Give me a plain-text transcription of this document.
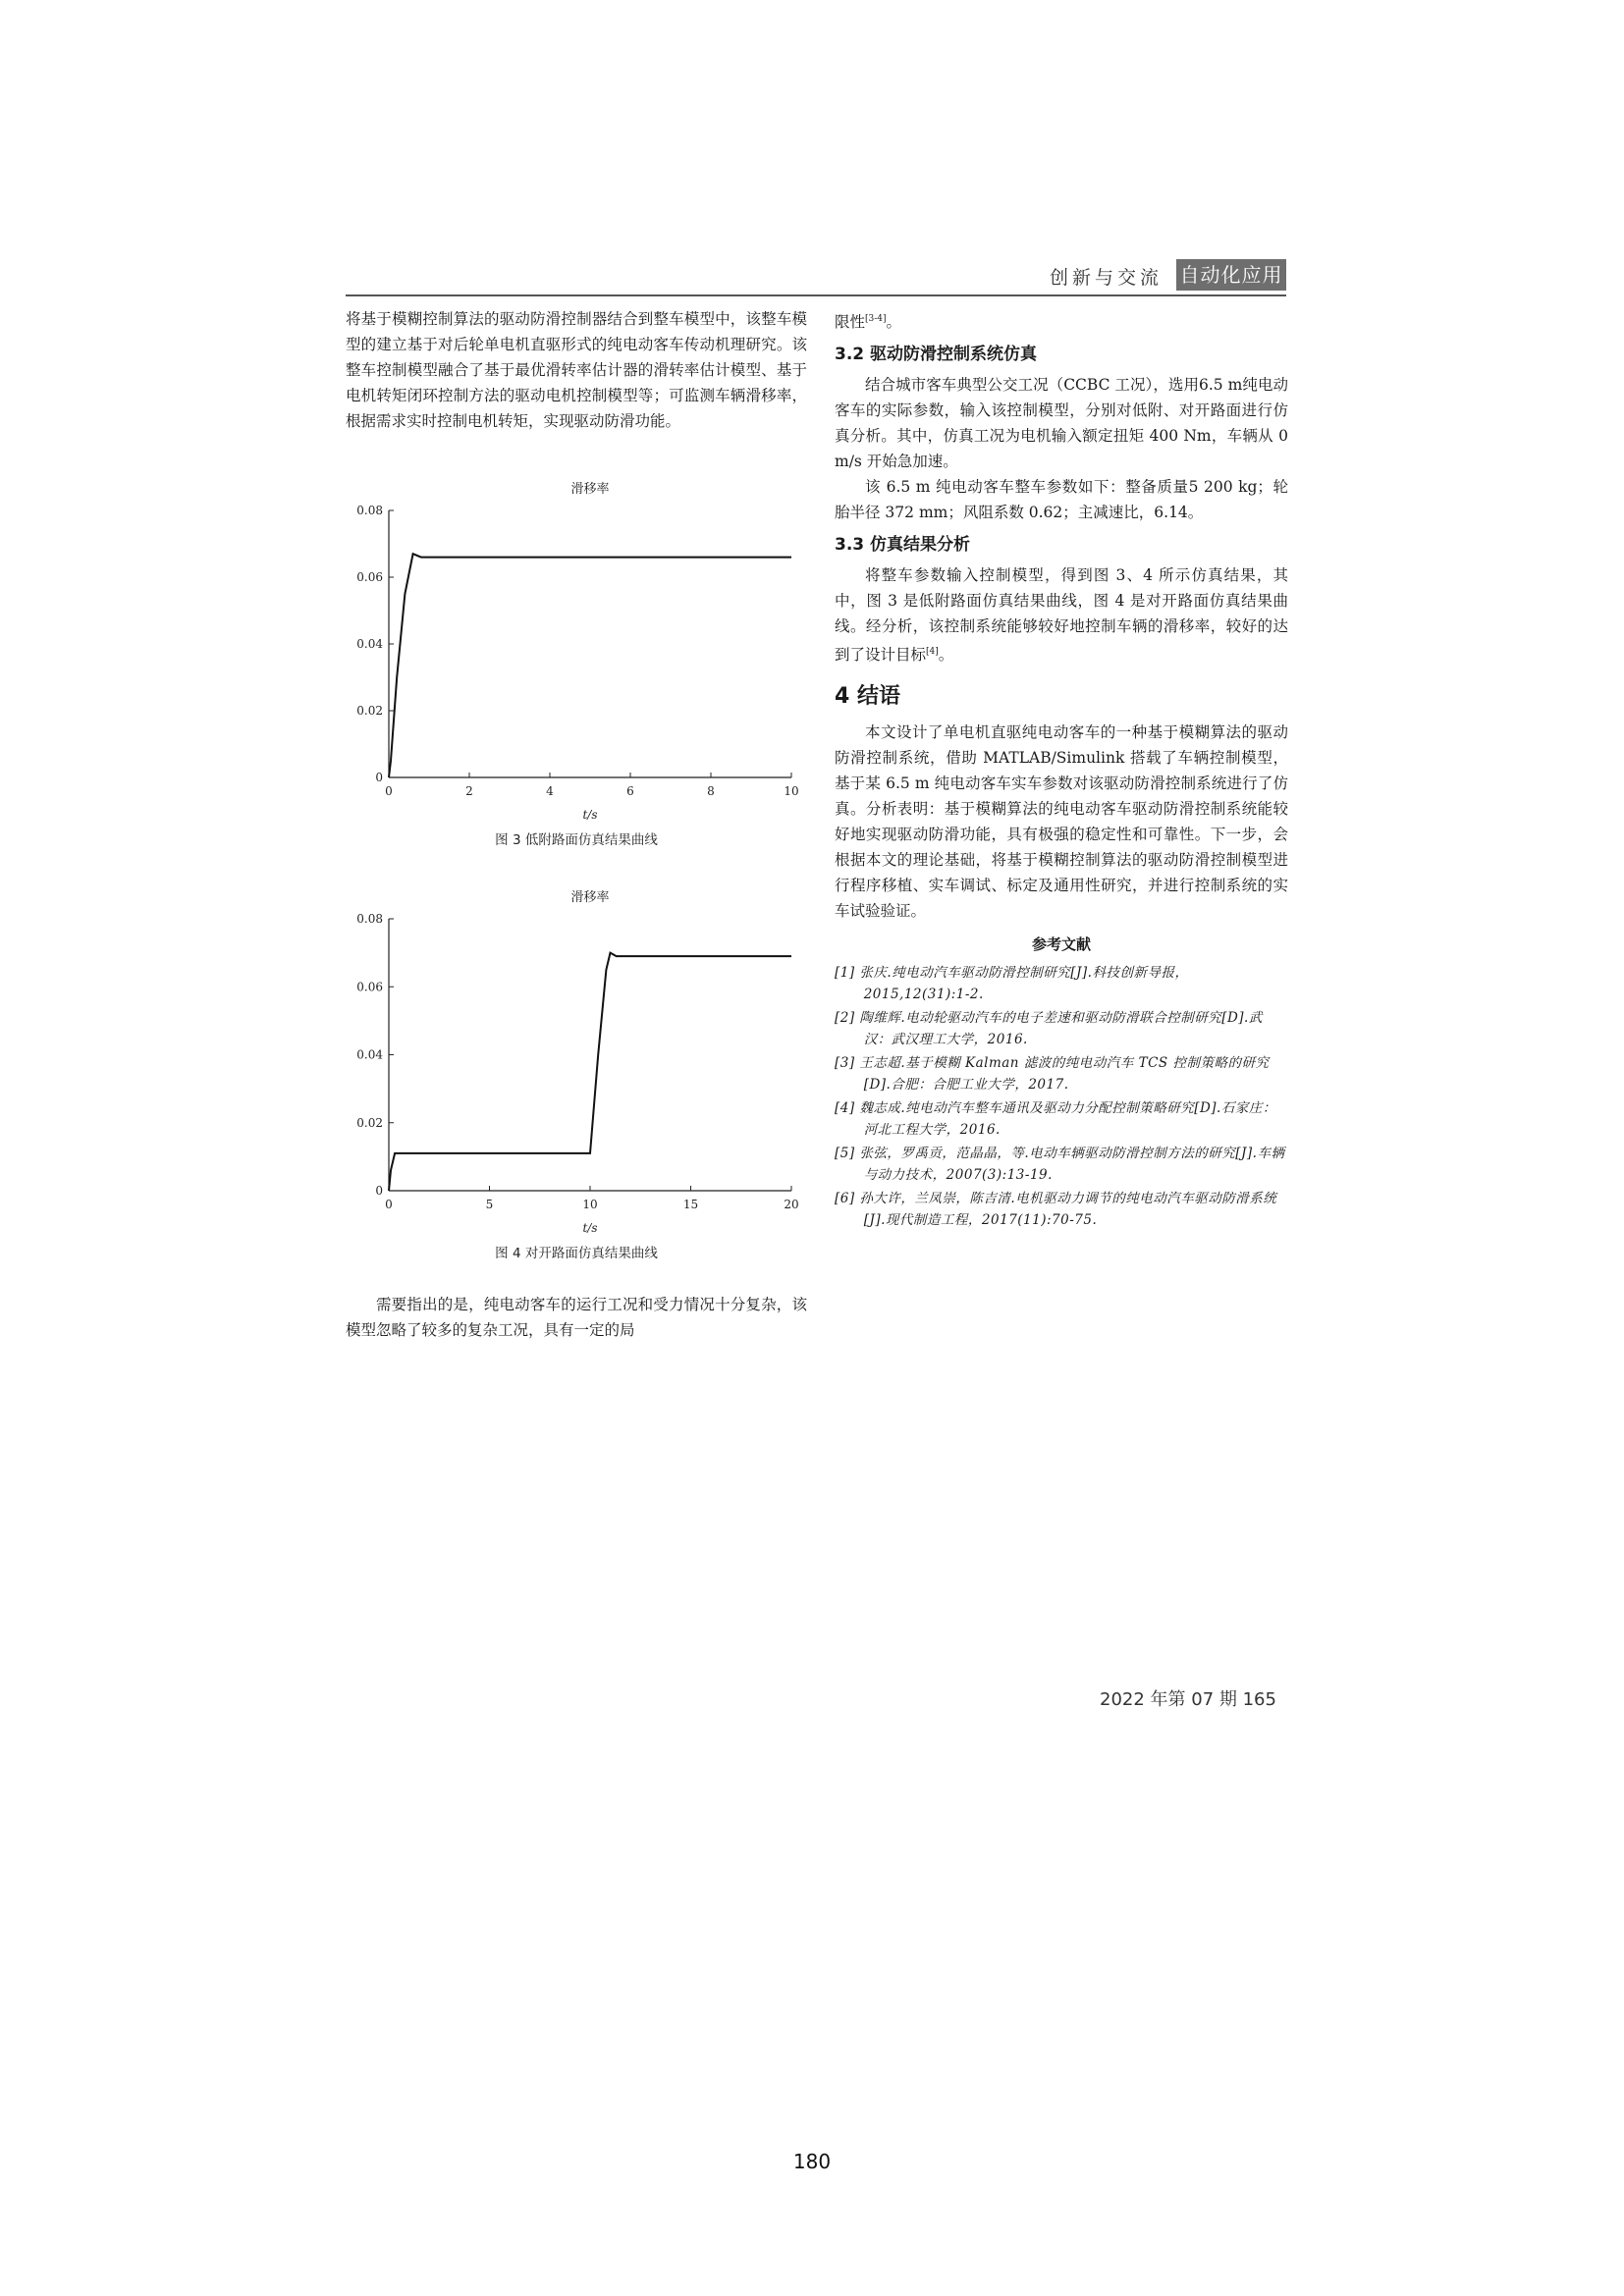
创新与交流 自动化应用

将基于模糊控制算法的驱动防滑控制器结合到整车模型中，该整车模型的建立基于对后轮单电机直驱形式的纯电动客车传动机理研究。该整车控制模型融合了基于最优滑转率估计器的滑转率估计模型、基于电机转矩闭环控制方法的驱动电机控制模型等；可监测车辆滑移率，根据需求实时控制电机转矩，实现驱动防滑功能。

滑移率
0
0.02
0.04
0.06
0.08
0	2	4	6	8	10
t/s
图 3 低附路面仿真结果曲线
滑移率
0
0.02
0.04
0.06
0.08
0	5	10	15	20
t/s
图 4 对开路面仿真结果曲线

需要指出的是，纯电动客车的运行工况和受力情况十分复杂，该模型忽略了较多的复杂工况，具有一定的局

限性[3-4]。

3.2 驱动防滑控制系统仿真

结合城市客车典型公交工况（CCBC 工况），选用6.5 m纯电动客车的实际参数，输入该控制模型，分别对低附、对开路面进行仿真分析。其中，仿真工况为电机输入额定扭矩 400 Nm，车辆从 0 m/s 开始急加速。

该 6.5 m 纯电动客车整车参数如下：整备质量5 200 kg；轮胎半径 372 mm；风阻系数 0.62；主减速比，6.14。

3.3 仿真结果分析

将整车参数输入控制模型，得到图 3、4 所示仿真结果，其中，图 3 是低附路面仿真结果曲线，图 4 是对开路面仿真结果曲线。经分析，该控制系统能够较好地控制车辆的滑移率，较好的达到了设计目标[4]。

4 结语

本文设计了单电机直驱纯电动客车的一种基于模糊算法的驱动防滑控制系统，借助 MATLAB/Simulink 搭载了车辆控制模型，基于某 6.5 m 纯电动客车实车参数对该驱动防滑控制系统进行了仿真。分析表明：基于模糊算法的纯电动客车驱动防滑控制系统能较好地实现驱动防滑功能，具有极强的稳定性和可靠性。下一步，会根据本文的理论基础，将基于模糊控制算法的驱动防滑控制模型进行程序移植、实车调试、标定及通用性研究，并进行控制系统的实车试验验证。

参考文献
[1] 张庆.纯电动汽车驱动防滑控制研究[J].科技创新导报，2015,12(31):1-2.
[2] 陶维辉.电动轮驱动汽车的电子差速和驱动防滑联合控制研究[D].武汉：武汉理工大学，2016.
[3] 王志超.基于模糊 Kalman 滤波的纯电动汽车 TCS 控制策略的研究[D].合肥：合肥工业大学，2017.
[4] 魏志成.纯电动汽车整车通讯及驱动力分配控制策略研究[D].石家庄：河北工程大学，2016.
[5] 张弦，罗禹贡，范晶晶，等.电动车辆驱动防滑控制方法的研究[J].车辆与动力技术，2007(3):13-19.
[6] 孙大许，兰凤崇，陈吉清.电机驱动力调节的纯电动汽车驱动防滑系统[J].现代制造工程，2017(11):70-75.
2022 年第 07 期 165
180
